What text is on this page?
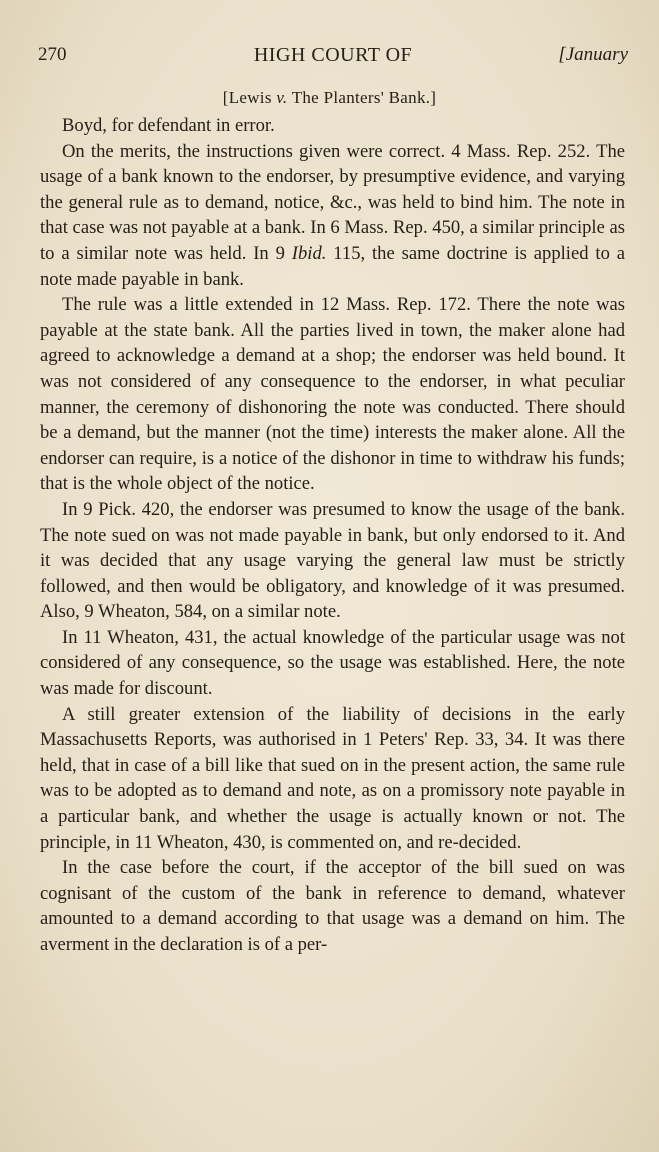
270	HIGH COURT OF	[January
[Lewis v. The Planters' Bank.]

Boyd, for defendant in error.

On the merits, the instructions given were correct. 4 Mass. Rep. 252. The usage of a bank known to the endorser, by presumptive evidence, and varying the general rule as to demand, notice, &c., was held to bind him. The note in that case was not payable at a bank. In 6 Mass. Rep. 450, a similar principle as to a similar note was held. In 9 Ibid. 115, the same doctrine is applied to a note made payable in bank.

The rule was a little extended in 12 Mass. Rep. 172. There the note was payable at the state bank. All the parties lived in town, the maker alone had agreed to acknowledge a demand at a shop; the endorser was held bound. It was not considered of any consequence to the endorser, in what peculiar manner, the ceremony of dishonoring the note was conducted. There should be a demand, but the manner (not the time) interests the maker alone. All the endorser can require, is a notice of the dishonor in time to withdraw his funds; that is the whole object of the notice.

In 9 Pick. 420, the endorser was presumed to know the usage of the bank. The note sued on was not made payable in bank, but only endorsed to it. And it was decided that any usage varying the general law must be strictly followed, and then would be obligatory, and knowledge of it was presumed. Also, 9 Wheaton, 584, on a similar note.

In 11 Wheaton, 431, the actual knowledge of the particular usage was not considered of any consequence, so the usage was established. Here, the note was made for discount.

A still greater extension of the liability of decisions in the early Massachusetts Reports, was authorised in 1 Peters' Rep. 33, 34. It was there held, that in case of a bill like that sued on in the present action, the same rule was to be adopted as to demand and note, as on a promissory note payable in a particular bank, and whether the usage is actually known or not. The principle, in 11 Wheaton, 430, is commented on, and re-decided.

In the case before the court, if the acceptor of the bill sued on was cognisant of the custom of the bank in reference to demand, whatever amounted to a demand according to that usage was a demand on him. The averment in the declaration is of a per-
